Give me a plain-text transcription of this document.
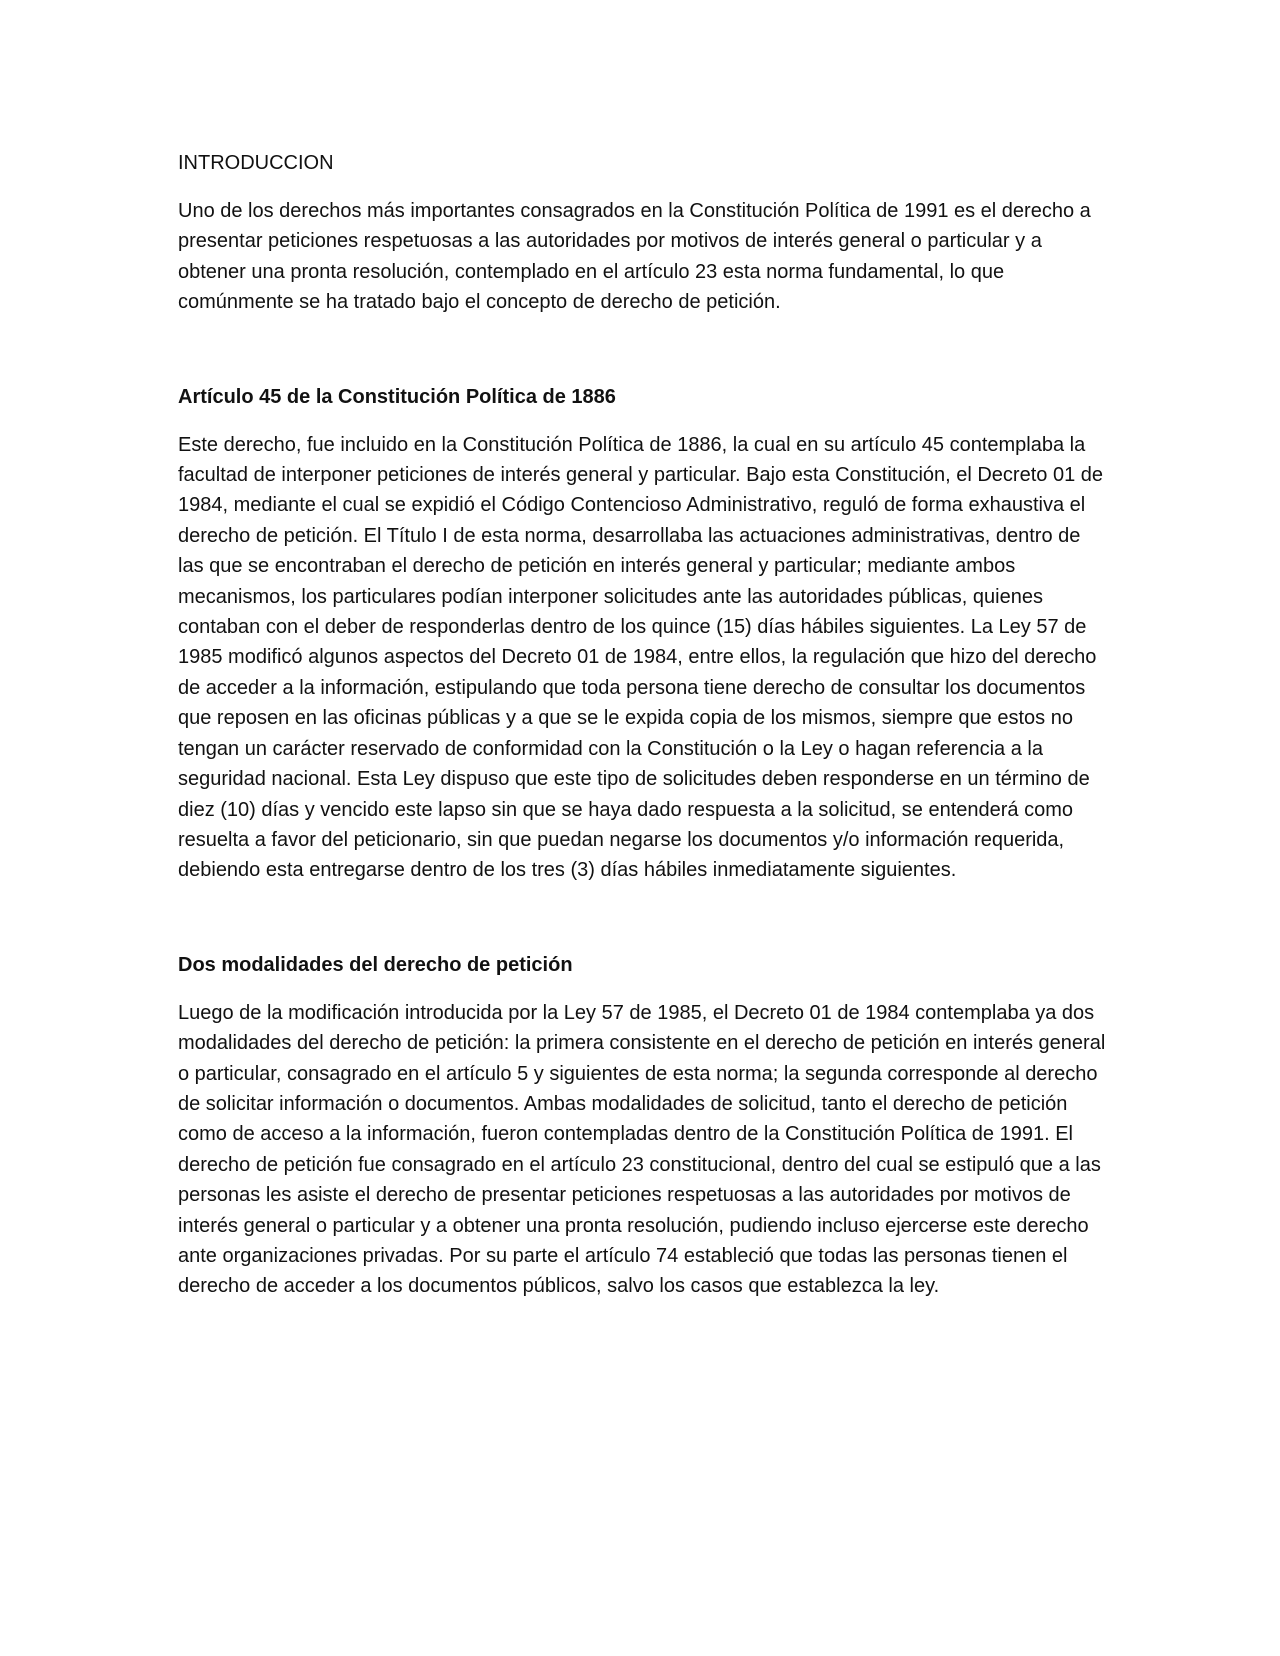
INTRODUCCION

Uno de los derechos más importantes consagrados en la Constitución Política de 1991 es el derecho a presentar peticiones respetuosas a las autoridades por motivos de interés general o particular y a obtener una pronta resolución, contemplado en el artículo 23 esta norma fundamental, lo que comúnmente se ha tratado bajo el concepto de derecho de petición.

Artículo 45 de la Constitución Política de 1886

Este derecho, fue incluido en la Constitución Política de 1886, la cual en su artículo 45 contemplaba la facultad de interponer peticiones de interés general y particular. Bajo esta Constitución, el Decreto 01 de 1984, mediante el cual se expidió el Código Contencioso Administrativo, reguló de forma exhaustiva el derecho de petición. El Título I de esta norma, desarrollaba las actuaciones administrativas, dentro de las que se encontraban el derecho de petición en interés general y particular; mediante ambos mecanismos, los particulares podían interponer solicitudes ante las autoridades públicas, quienes contaban con el deber de responderlas dentro de los quince (15) días hábiles siguientes. La Ley 57 de 1985 modificó algunos aspectos del Decreto 01 de 1984, entre ellos, la regulación que hizo del derecho de acceder a la información, estipulando que toda persona tiene derecho de consultar los documentos que reposen en las oficinas públicas y a que se le expida copia de los mismos, siempre que estos no tengan un carácter reservado de conformidad con la Constitución o la Ley o hagan referencia a la seguridad nacional. Esta Ley dispuso que este tipo de solicitudes deben responderse en un término de diez (10) días y vencido este lapso sin que se haya dado respuesta a la solicitud, se entenderá como resuelta a favor del peticionario, sin que puedan negarse los documentos y/o información requerida, debiendo esta entregarse dentro de los tres (3) días hábiles inmediatamente siguientes.

Dos modalidades del derecho de petición

Luego de la modificación introducida por la Ley 57 de 1985, el Decreto 01 de 1984 contemplaba ya dos modalidades del derecho de petición: la primera consistente en el derecho de petición en interés general o particular, consagrado en el artículo 5 y siguientes de esta norma; la segunda corresponde al derecho de solicitar información o documentos. Ambas modalidades de solicitud, tanto el derecho de petición como de acceso a la información, fueron contempladas dentro de la Constitución Política de 1991. El derecho de petición fue consagrado en el artículo 23 constitucional, dentro del cual se estipuló que a las personas les asiste el derecho de presentar peticiones respetuosas a las autoridades por motivos de interés general o particular y a obtener una pronta resolución, pudiendo incluso ejercerse este derecho ante organizaciones privadas. Por su parte el artículo 74 estableció que todas las personas tienen el derecho de acceder a los documentos públicos, salvo los casos que establezca la ley.
